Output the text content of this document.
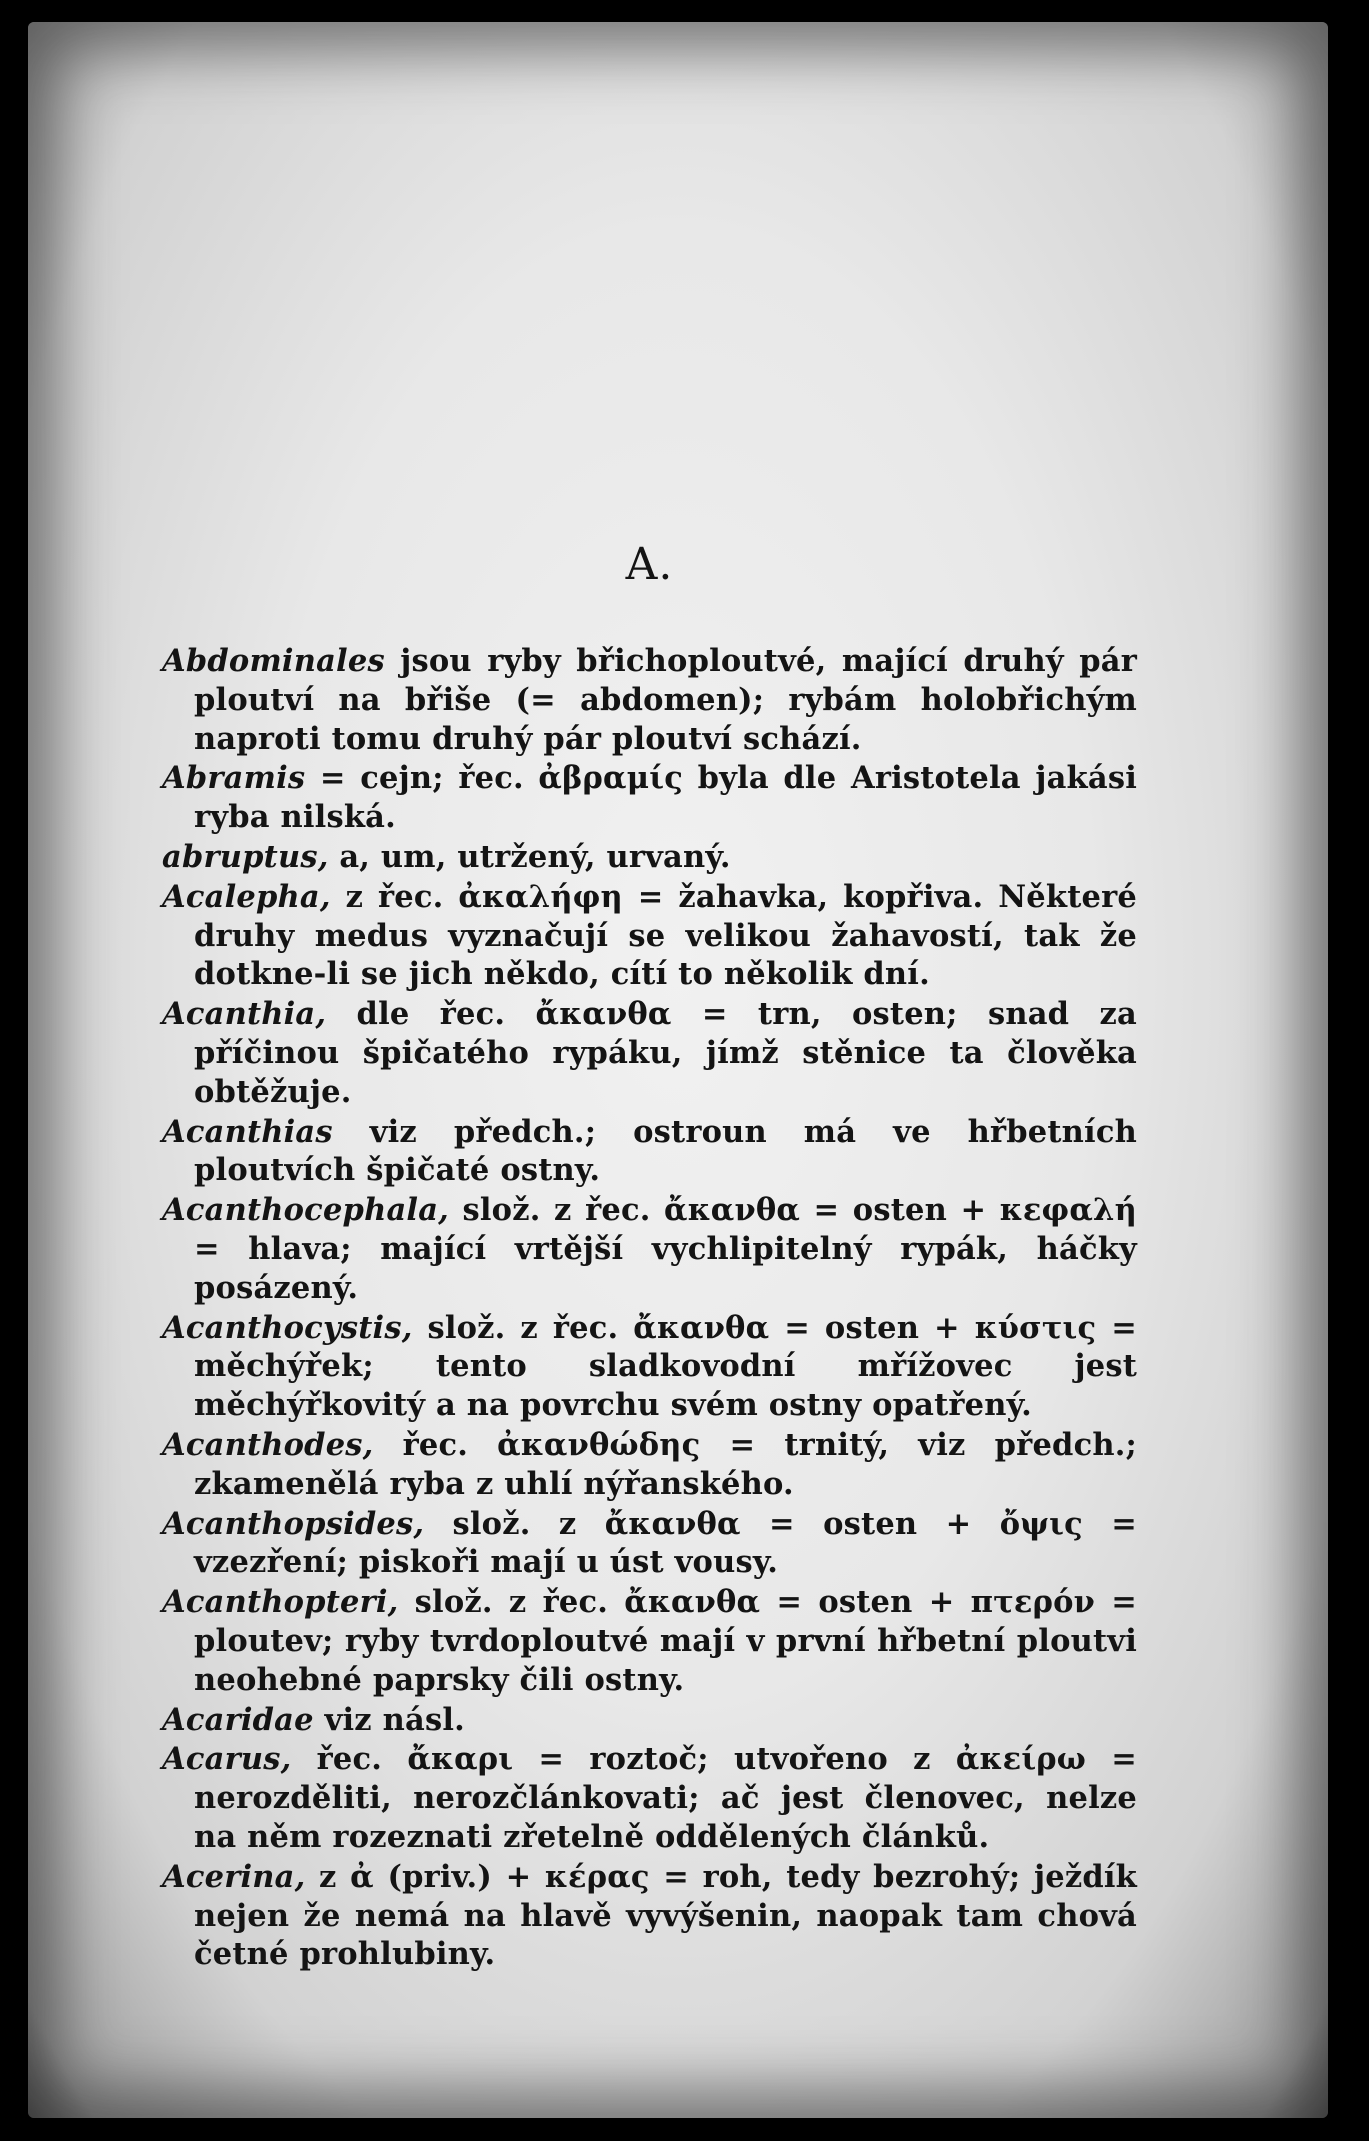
A.
Abdominales jsou ryby břichoploutvé, mající druhý pár ploutví na břiše (= abdomen); rybám holobřichým naproti tomu druhý pár ploutví schází.
Abramis = cejn; řec. ἀβραμίς byla dle Aristotela jakási ryba nilská.
abruptus, a, um, utržený, urvaný.
Acalepha, z řec. ἀκαλήφη = žahavka, kopřiva. Některé druhy medus vyznačují se velikou žahavostí, tak že dotkne-li se jich někdo, cítí to několik dní.
Acanthia, dle řec. ἄκανθα = trn, osten; snad za příčinou špičatého rypáku, jímž stěnice ta člověka obtěžuje.
Acanthias viz předch.; ostroun má ve hřbetních ploutvích špičaté ostny.
Acanthocephala, slož. z řec. ἄκανθα = osten + κεφαλή = hlava; mající vrtější vychlipitelný rypák, háčky posázený.
Acanthocystis, slož. z řec. ἄκανθα = osten + κύστις = měchýřek; tento sladkovodní mřížovec jest měchýřkovitý a na povrchu svém ostny opatřený.
Acanthodes, řec. ἀκανθώδης = trnitý, viz předch.; zkamenělá ryba z uhlí nýřanského.
Acanthopsides, slož. z ἄκανθα = osten + ὄψις = vzezření; piskoři mají u úst vousy.
Acanthopteri, slož. z řec. ἄκανθα = osten + πτερόν = ploutev; ryby tvrdoploutvé mají v první hřbetní ploutvi neohebné paprsky čili ostny.
Acaridae viz násl.
Acarus, řec. ἄκαρι = roztoč; utvořeno z ἀκείρω = nerozděliti, nerozčlánkovati; ač jest členovec, nelze na něm rozeznati zřetelně oddělených článků.
Acerina, z ἀ (priv.) + κέρας = roh, tedy bezrohý; ježdík nejen že nemá na hlavě vyvýšenin, naopak tam chová četné prohlubiny.
